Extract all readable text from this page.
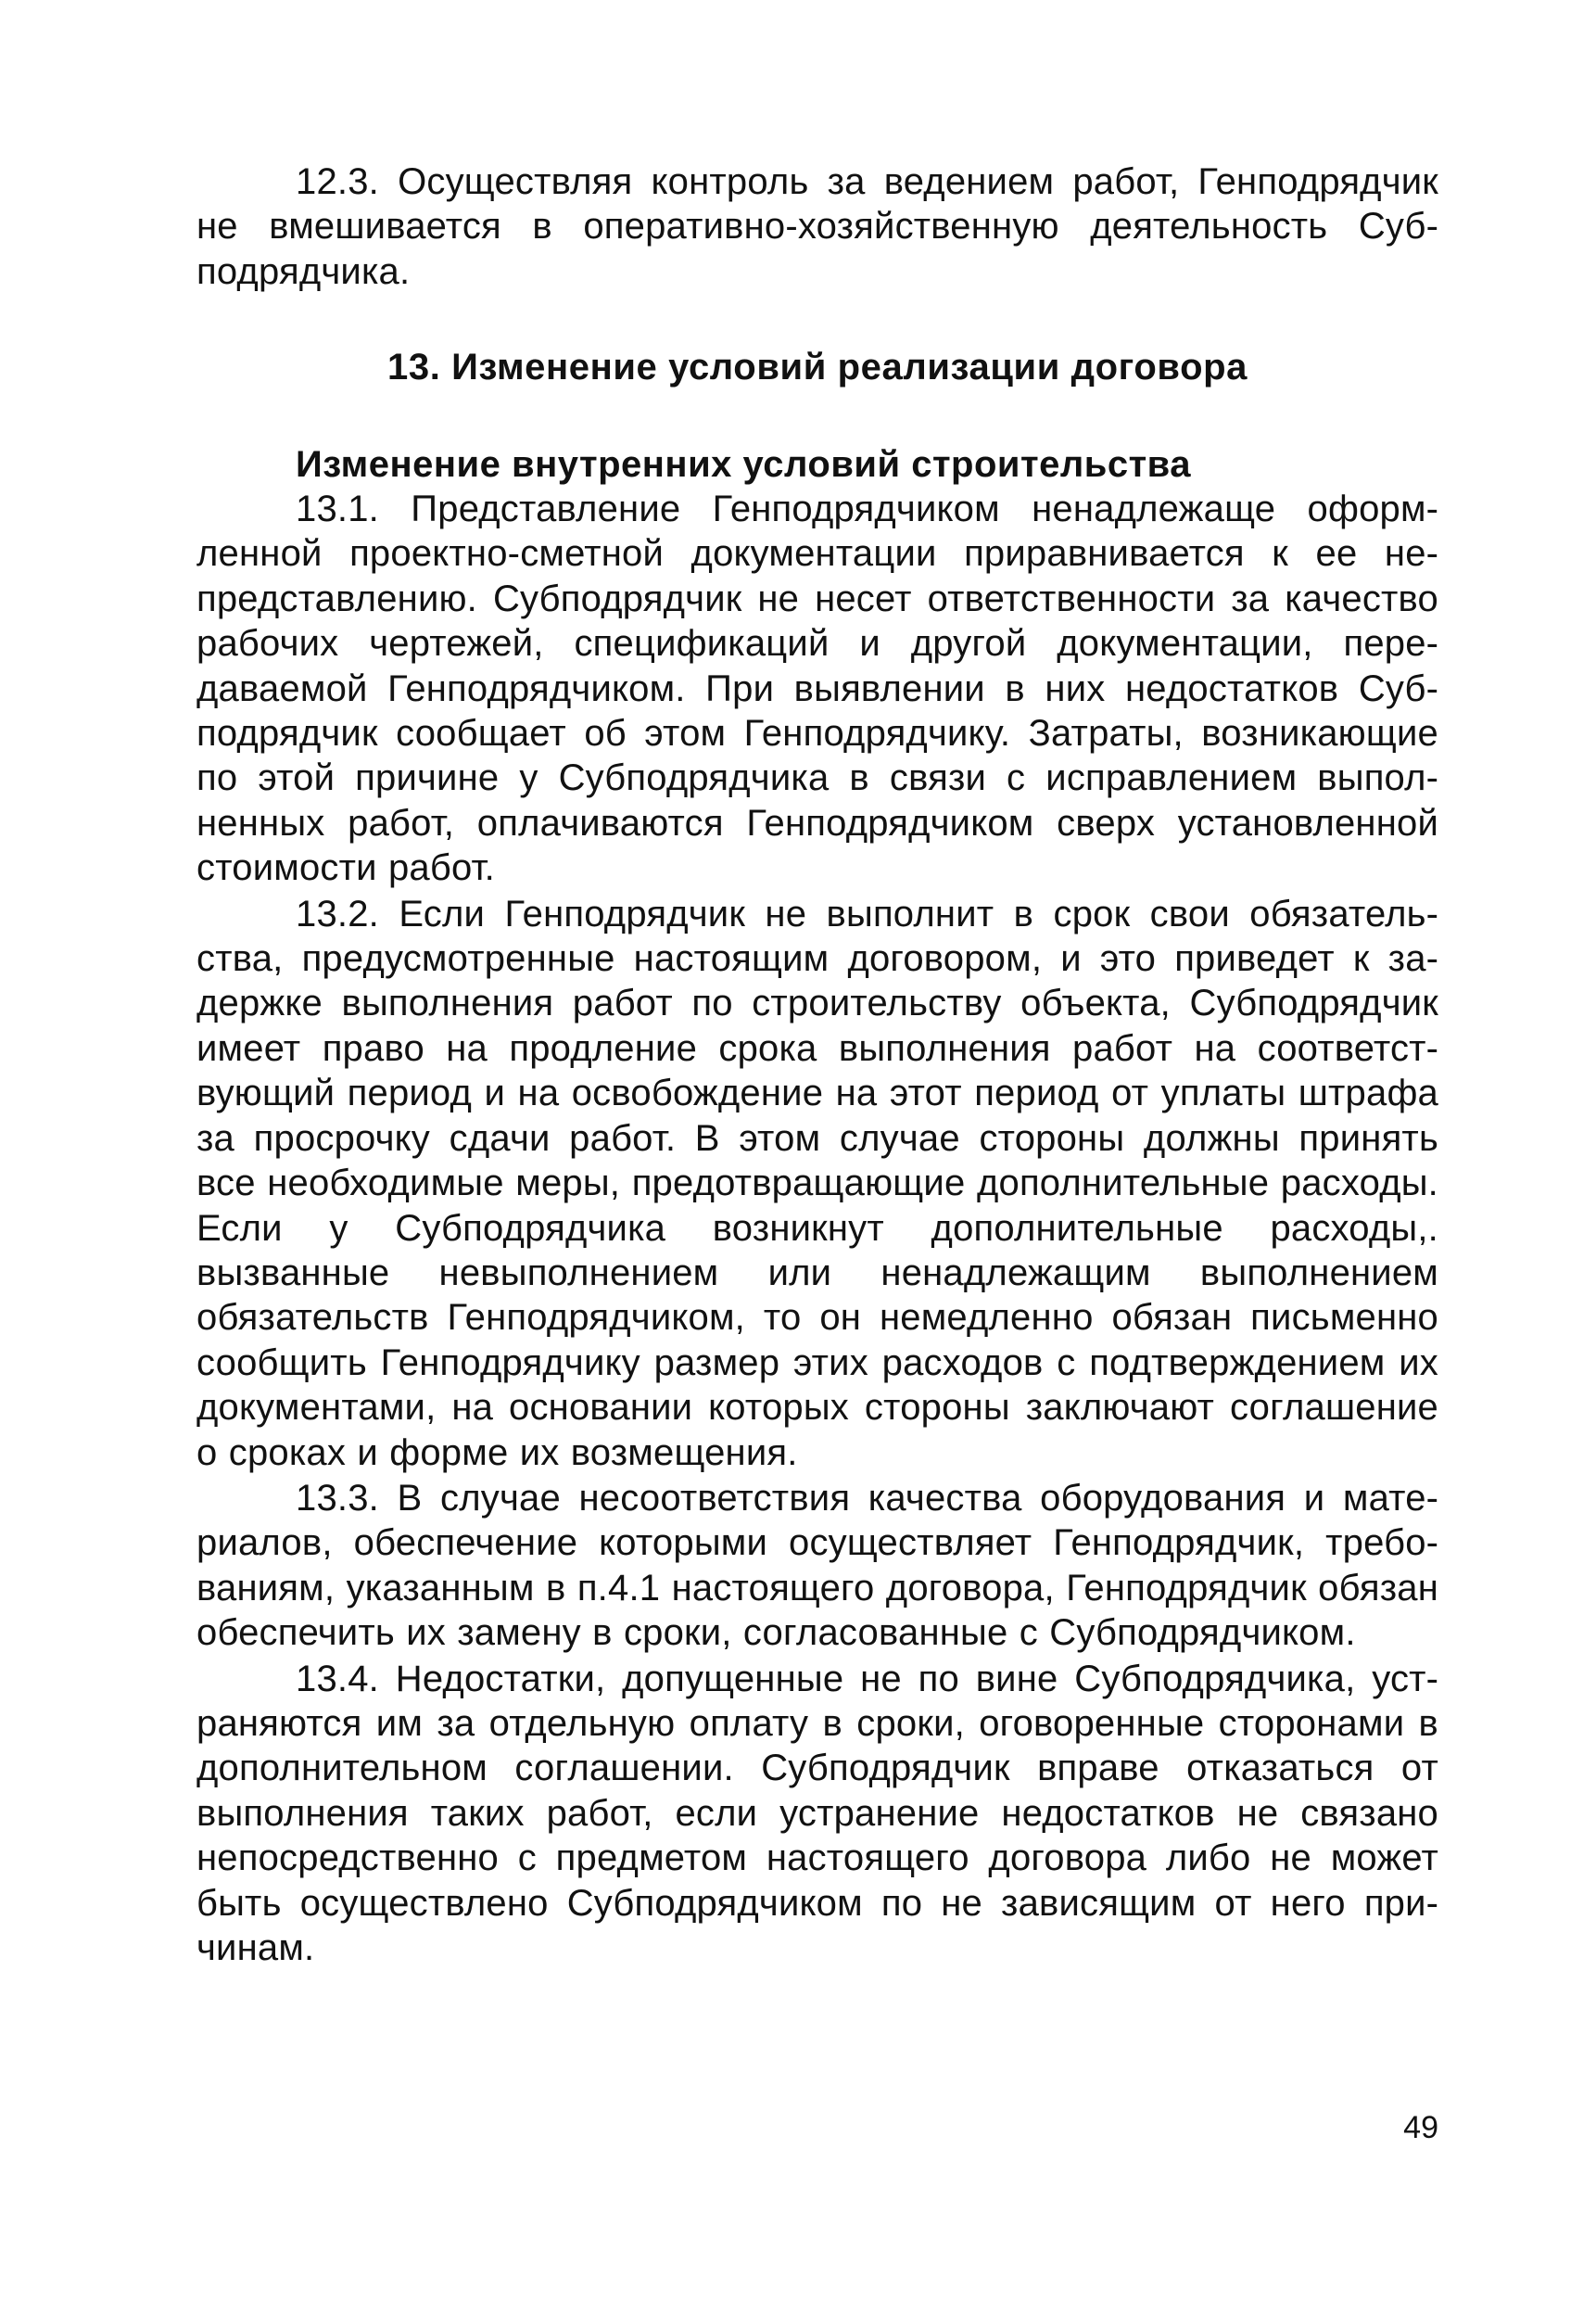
12.3. Осуществляя контроль за ведением работ, Генподрядчик не вмешивается в оперативно-хозяйственную деятельность Субподрядчика.

13. Изменение условий реализации договора
Изменение внутренних условий строительства

13.1. Представление Генподрядчиком ненадлежаще оформленной проектно-сметной документации приравнивается к ее непредставлению. Субподрядчик не несет ответственности за качество рабочих чертежей, спецификаций и другой документации, передаваемой Генподрядчиком. При выявлении в них недостатков Субподрядчик сообщает об этом Генподрядчику. Затраты, возникающие по этой причине у Субподрядчика в связи с исправлением выполненных работ, оплачиваются Генподрядчиком сверх установленной стоимости работ.

13.2. Если Генподрядчик не выполнит в срок свои обязательства, предусмотренные настоящим договором, и это приведет к задержке выполнения работ по строительству объекта, Субподрядчик имеет право на продление срока выполнения работ на соответствующий период и на освобождение на этот период от уплаты штрафа за просрочку сдачи работ. В этом случае стороны должны принять все необходимые меры, предотвращающие дополнительные расходы. Если у Субподрядчика возникнут дополнительные расходы,. вызванные невыполнением или ненадлежащим выполнением обязательств Генподрядчиком, то он немедленно обязан письменно сообщить Генподрядчику размер этих расходов с подтверждением их документами, на основании которых стороны заключают соглашение о сроках и форме их возмещения.

13.3. В случае несоответствия качества оборудования и материалов, обеспечение которыми осуществляет Генподрядчик, требованиям, указанным в п.4.1 настоящего договора, Генподрядчик обязан обеспечить их замену в сроки, согласованные с Субподрядчиком.

13.4. Недостатки, допущенные не по вине Субподрядчика, устраняются им за отдельную оплату в сроки, оговоренные сторонами в дополнительном соглашении. Субподрядчик вправе отказаться от выполнения таких работ, если устранение недостатков не связано непосредственно с предметом настоящего договора либо не может быть осуществлено Субподрядчиком по не зависящим от него причинам.

49
